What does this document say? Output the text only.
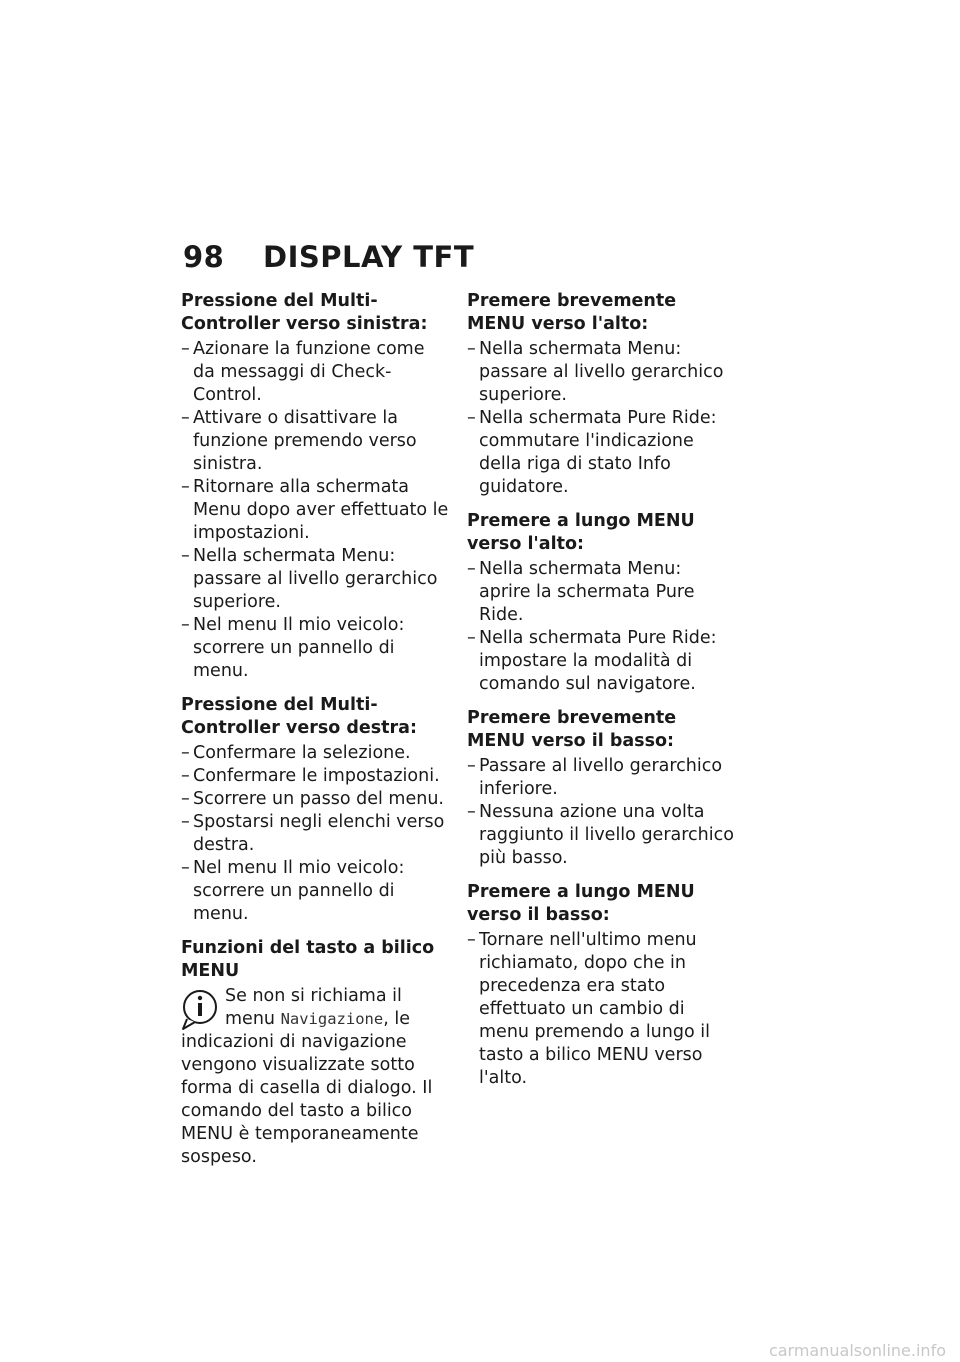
98 DISPLAY TFT
Pressione del Multi-Controller verso sinistra:
– Azionare la funzione come da messaggi di Check-Control.
– Attivare o disattivare la funzione premendo verso sinistra.
– Ritornare alla schermata Menu dopo aver effettuato le impostazioni.
– Nella schermata Menu: passare al livello gerarchico superiore.
– Nel menu Il mio veicolo: scorrere un pannello di menu.
Pressione del Multi-Controller verso destra:
– Confermare la selezione.
– Confermare le impostazioni.
– Scorrere un passo del menu.
– Spostarsi negli elenchi verso destra.
– Nel menu Il mio veicolo: scorrere un pannello di menu.
Funzioni del tasto a bilico MENU
Se non si richiama il menu Navigazione, le indicazioni di navigazione vengono visualizzate sotto forma di casella di dialogo. Il comando del tasto a bilico MENU è temporaneamente sospeso.
Premere brevemente MENU verso l'alto:
– Nella schermata Menu: passare al livello gerarchico superiore.
– Nella schermata Pure Ride: commutare l'indicazione della riga di stato Info guidatore.
Premere a lungo MENU verso l'alto:
– Nella schermata Menu: aprire la schermata Pure Ride.
– Nella schermata Pure Ride: impostare la modalità di comando sul navigatore.
Premere brevemente MENU verso il basso:
– Passare al livello gerarchico inferiore.
– Nessuna azione una volta raggiunto il livello gerarchico più basso.
Premere a lungo MENU verso il basso:
– Tornare nell'ultimo menu richiamato, dopo che in precedenza era stato effettuato un cambio di menu premendo a lungo il tasto a bilico MENU verso l'alto.
carmanualsonline.info
